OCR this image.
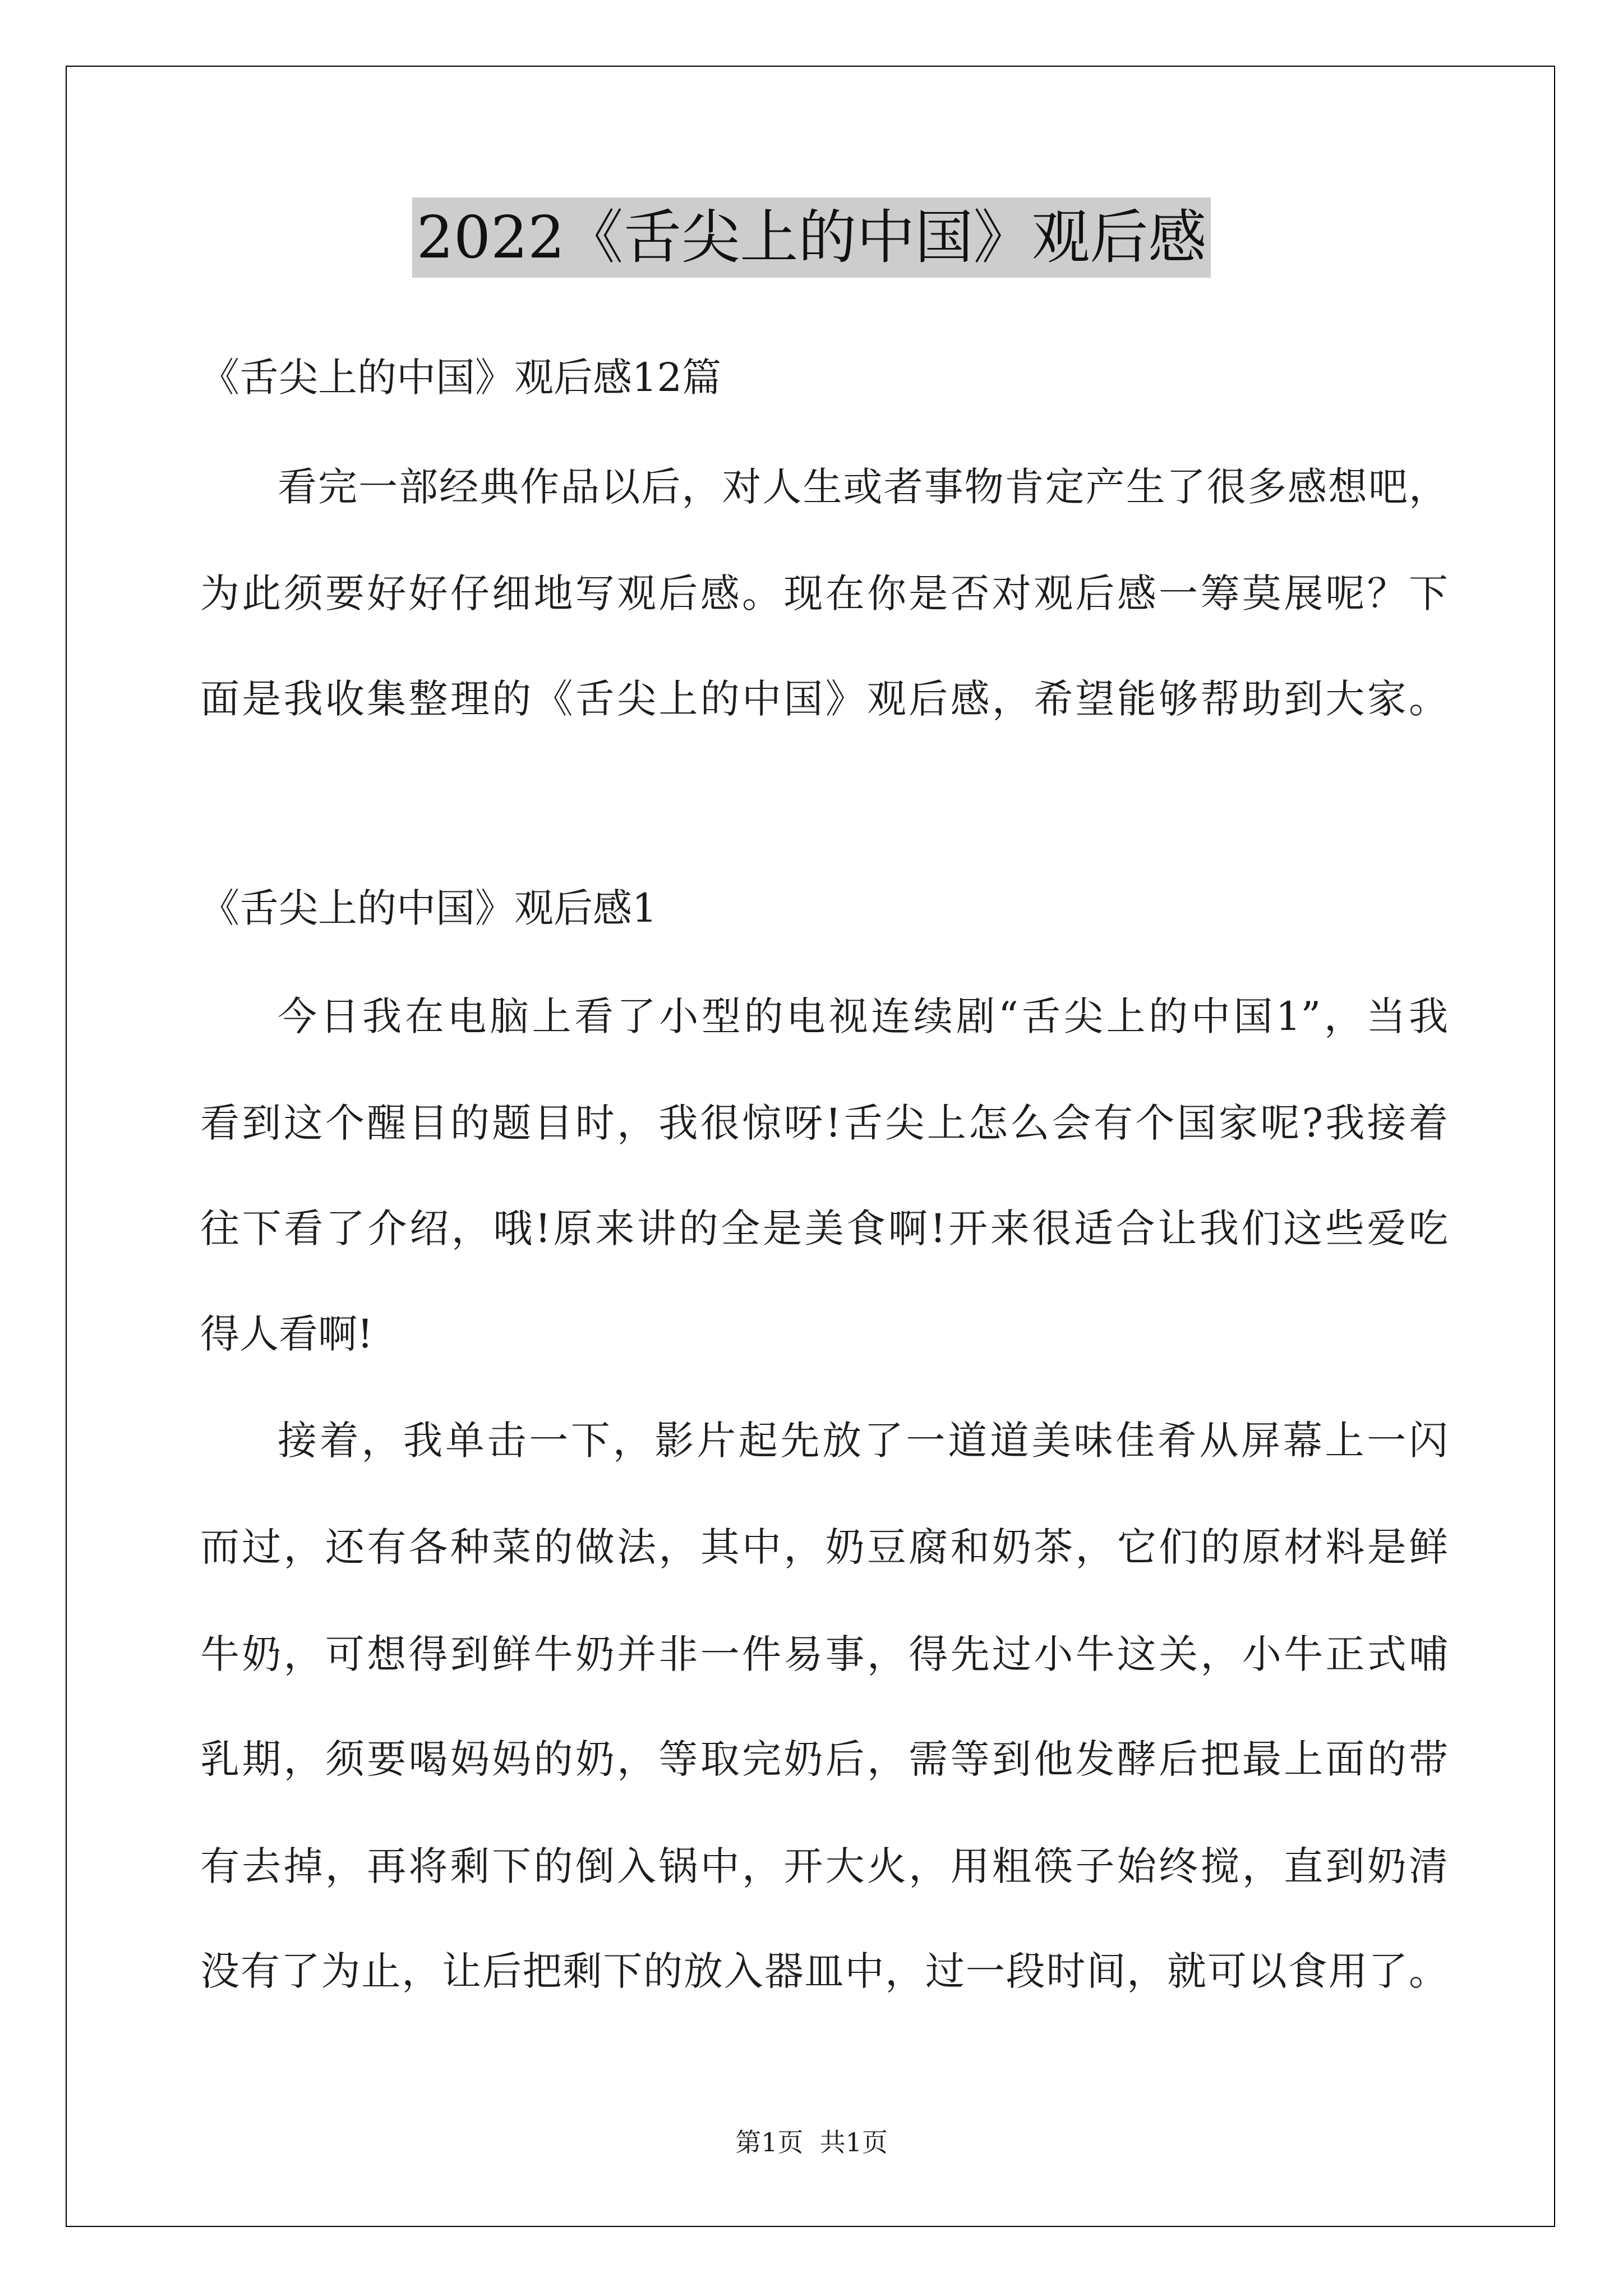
2022《舌尖上的中国》观后感
《舌尖上的中国》观后感12篇
看完一部经典作品以后，对人生或者事物肯定产生了很多感想吧，
为此须要好好仔细地写观后感。现在你是否对观后感一筹莫展呢？下
面是我收集整理的《舌尖上的中国》观后感，希望能够帮助到大家。
《舌尖上的中国》观后感1
今日我在电脑上看了小型的电视连续剧“舌尖上的中国1”，当我
看到这个醒目的题目时，我很惊呀!舌尖上怎么会有个国家呢?我接着
往下看了介绍，哦!原来讲的全是美食啊!开来很适合让我们这些爱吃
得人看啊!
接着，我单击一下，影片起先放了一道道美味佳肴从屏幕上一闪
而过，还有各种菜的做法，其中，奶豆腐和奶茶，它们的原材料是鲜
牛奶，可想得到鲜牛奶并非一件易事，得先过小牛这关，小牛正式哺
乳期，须要喝妈妈的奶，等取完奶后，需等到他发酵后把最上面的带
有去掉，再将剩下的倒入锅中，开大火，用粗筷子始终搅，直到奶清
没有了为止，让后把剩下的放入器皿中，过一段时间，就可以食用了。
第1页  共1页
